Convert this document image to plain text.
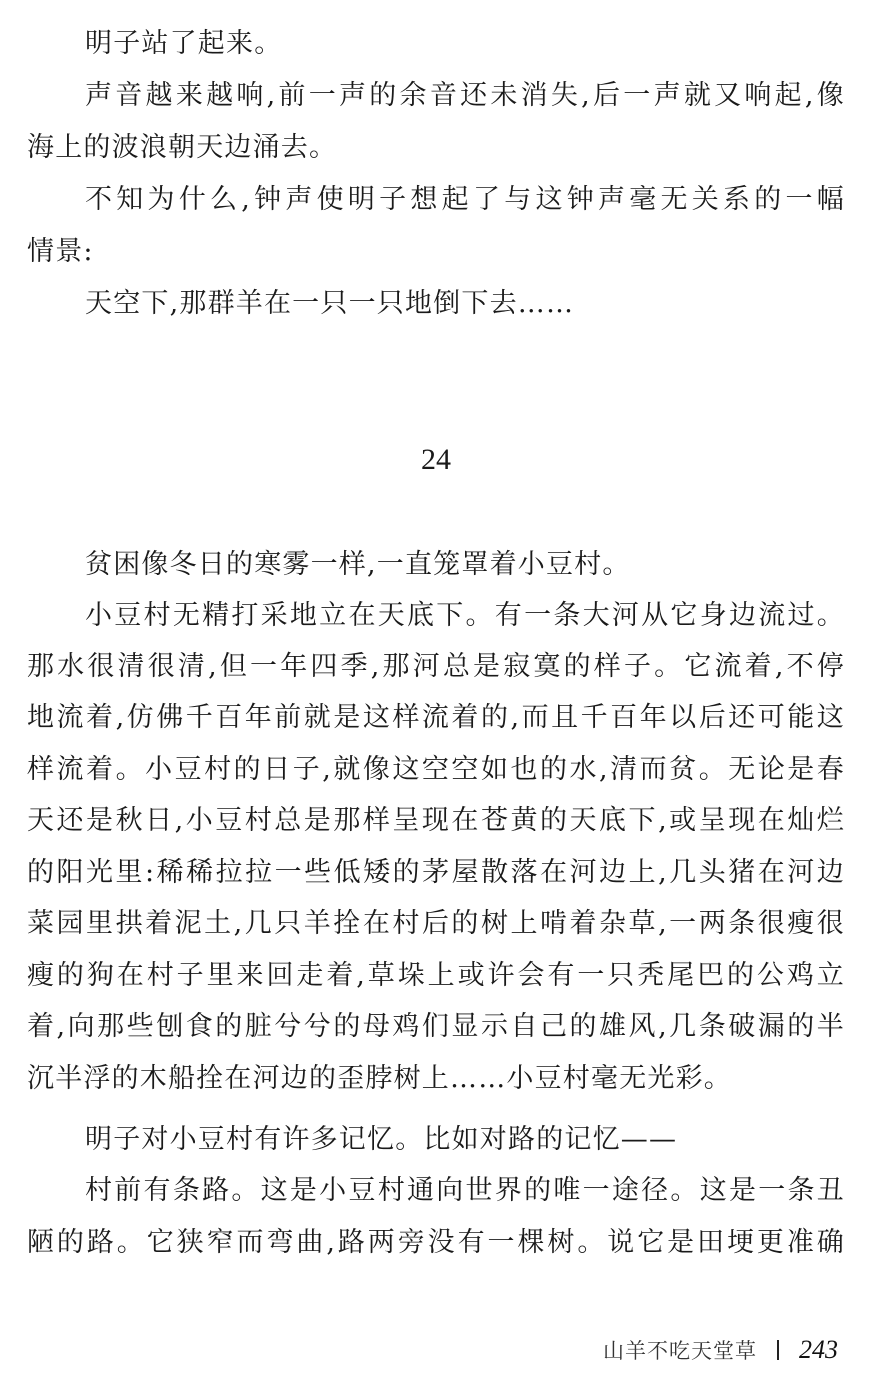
明子站了起来。
声音越来越响,前一声的余音还未消失,后一声就又响起,像
海上的波浪朝天边涌去。
不知为什么,钟声使明子想起了与这钟声毫无关系的一幅
情景:
天空下,那群羊在一只一只地倒下去……
24
贫困像冬日的寒雾一样,一直笼罩着小豆村。
小豆村无精打采地立在天底下。有一条大河从它身边流过。
那水很清很清,但一年四季,那河总是寂寞的样子。它流着,不停
地流着,仿佛千百年前就是这样流着的,而且千百年以后还可能这
样流着。小豆村的日子,就像这空空如也的水,清而贫。无论是春
天还是秋日,小豆村总是那样呈现在苍黄的天底下,或呈现在灿烂
的阳光里:稀稀拉拉一些低矮的茅屋散落在河边上,几头猪在河边
菜园里拱着泥土,几只羊拴在村后的树上啃着杂草,一两条很瘦很
瘦的狗在村子里来回走着,草垛上或许会有一只秃尾巴的公鸡立
着,向那些刨食的脏兮兮的母鸡们显示自己的雄风,几条破漏的半
沉半浮的木船拴在河边的歪脖树上……小豆村毫无光彩。
明子对小豆村有许多记忆。比如对路的记忆——
村前有条路。这是小豆村通向世界的唯一途径。这是一条丑
陋的路。它狭窄而弯曲,路两旁没有一棵树。说它是田埂更准确
山羊不吃天堂草 243
